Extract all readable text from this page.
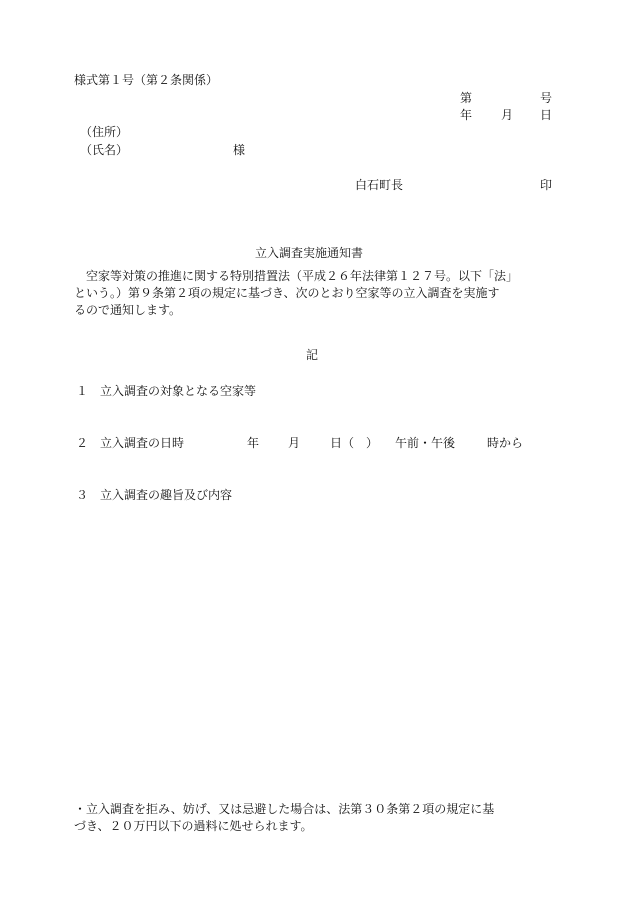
様式第１号（第２条関係）
第	号
年 月 日
（住所）
（氏名）	様
白石町長	印
立入調査実施通知書
空家等対策の推進に関する特別措置法（平成２６年法律第１２７号。以下「法」
という。）第９条第２項の規定に基づき、次のとおり空家等の立入調査を実施す
るので通知します。
記
１ 立入調査の対象となる空家等
２ 立入調査の日時	年 月 日（　） 午前・午後	時から
３ 立入調査の趣旨及び内容
・立入調査を拒み、妨げ、又は忌避した場合は、法第３０条第２項の規定に基
づき、２０万円以下の過料に処せられます。
